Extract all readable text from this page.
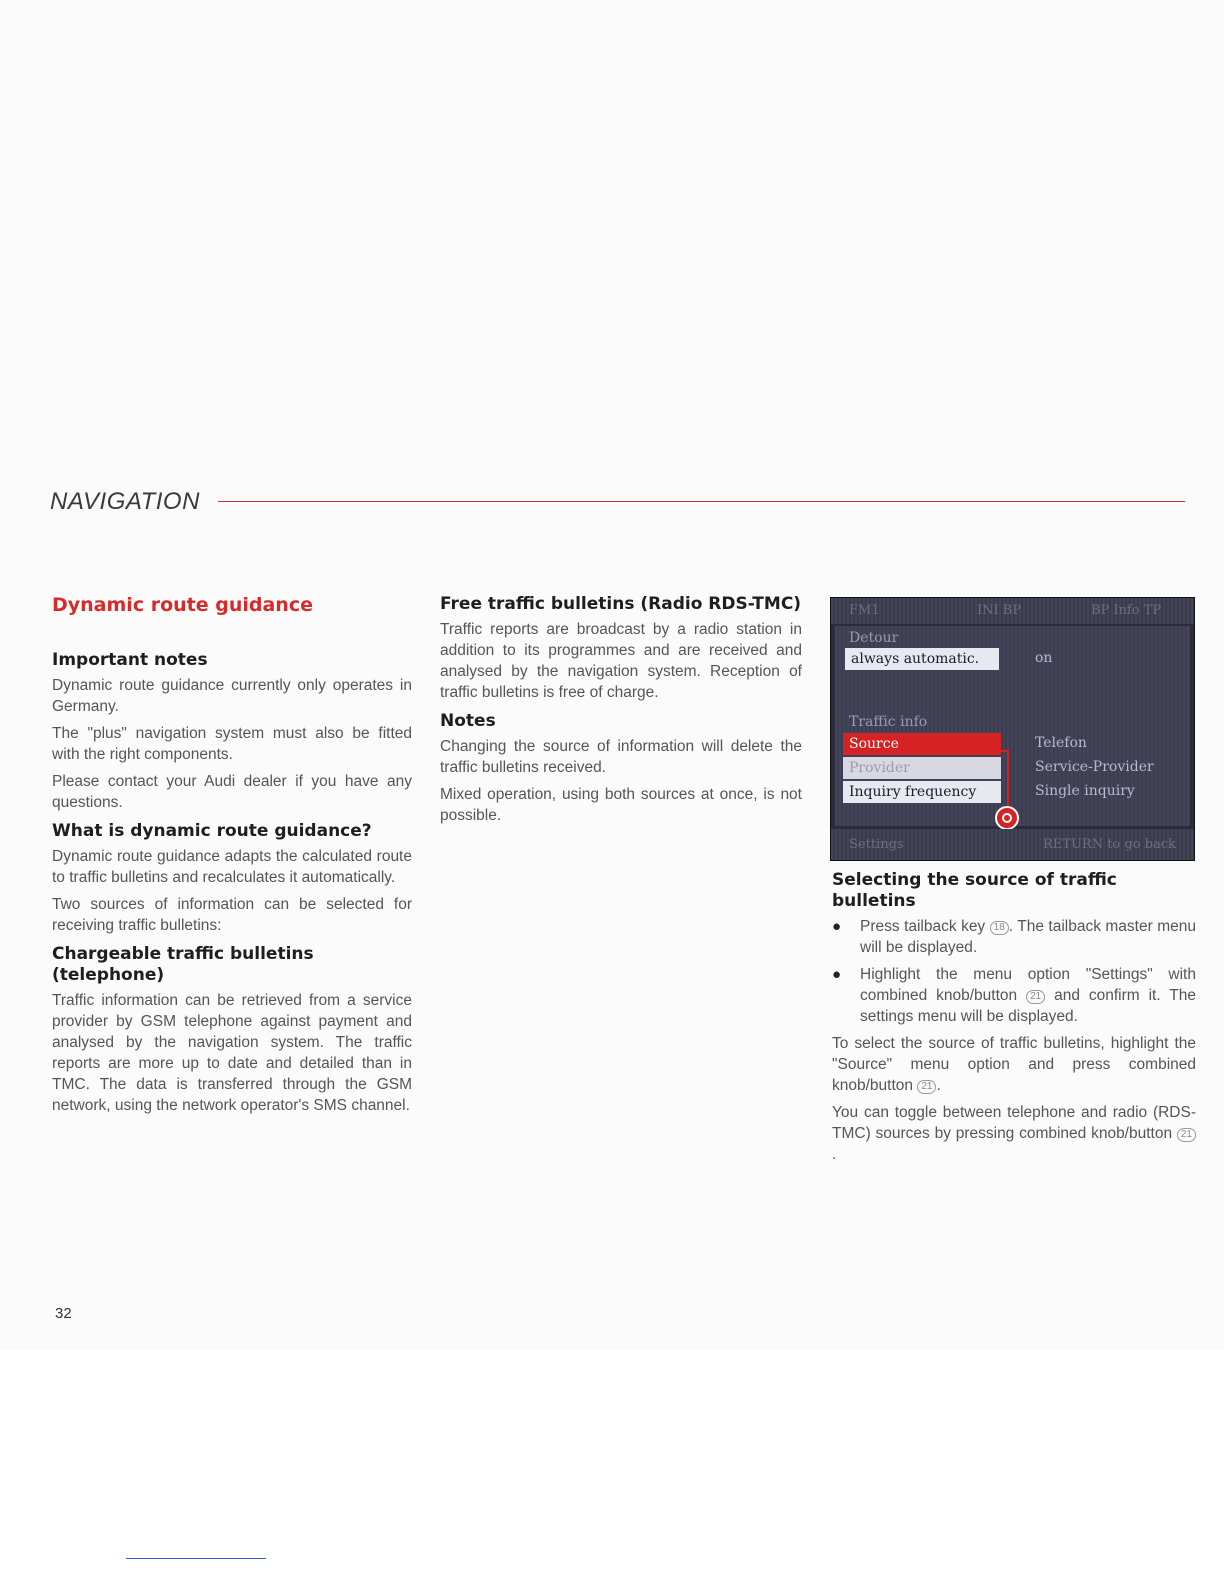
NAVIGATION
Dynamic route guidance
Important notes

Dynamic route guidance currently only operates in Germany.

The "plus" navigation system must also be fitted with the right components.

Please contact your Audi dealer if you have any questions.

What is dynamic route guidance?

Dynamic route guidance adapts the calculated route to traffic bulletins and recalculates it automatically.

Two sources of information can be selected for receiving traffic bulletins:

Chargeable traffic bulletins (telephone)

Traffic information can be retrieved from a service provider by GSM telephone against payment and analysed by the navigation system. The traffic reports are more up to date and detailed than in TMC. The data is transferred through the GSM network, using the network operator's SMS channel.

Free traffic bulletins (Radio RDS-TMC)

Traffic reports are broadcast by a radio station in addition to its programmes and are received and analysed by the navigation system. Reception of traffic bulletins is free of charge.

Notes

Changing the source of information will delete the traffic bulletins received.

Mixed operation, using both sources at once, is not possible.

FM1	INI BP	BP Info TP
Detour
always automatic.	on
Traffic info
Source
Provider
Inquiry frequency
Telefon
Service-Provider
Single inquiry
Settings	RETURN to go back
Selecting the source of traffic bulletins

● Press tailback key 18 . The tailback master menu will be displayed.

● Highlight the menu option "Settings" with combined knob/button 21 and confirm it. The settings menu will be displayed.

To select the source of traffic bulletins, highlight the "Source" menu option and press combined knob/button 21 .

You can toggle between telephone and radio (RDS-TMC) sources by pressing combined knob/button 21.

32
